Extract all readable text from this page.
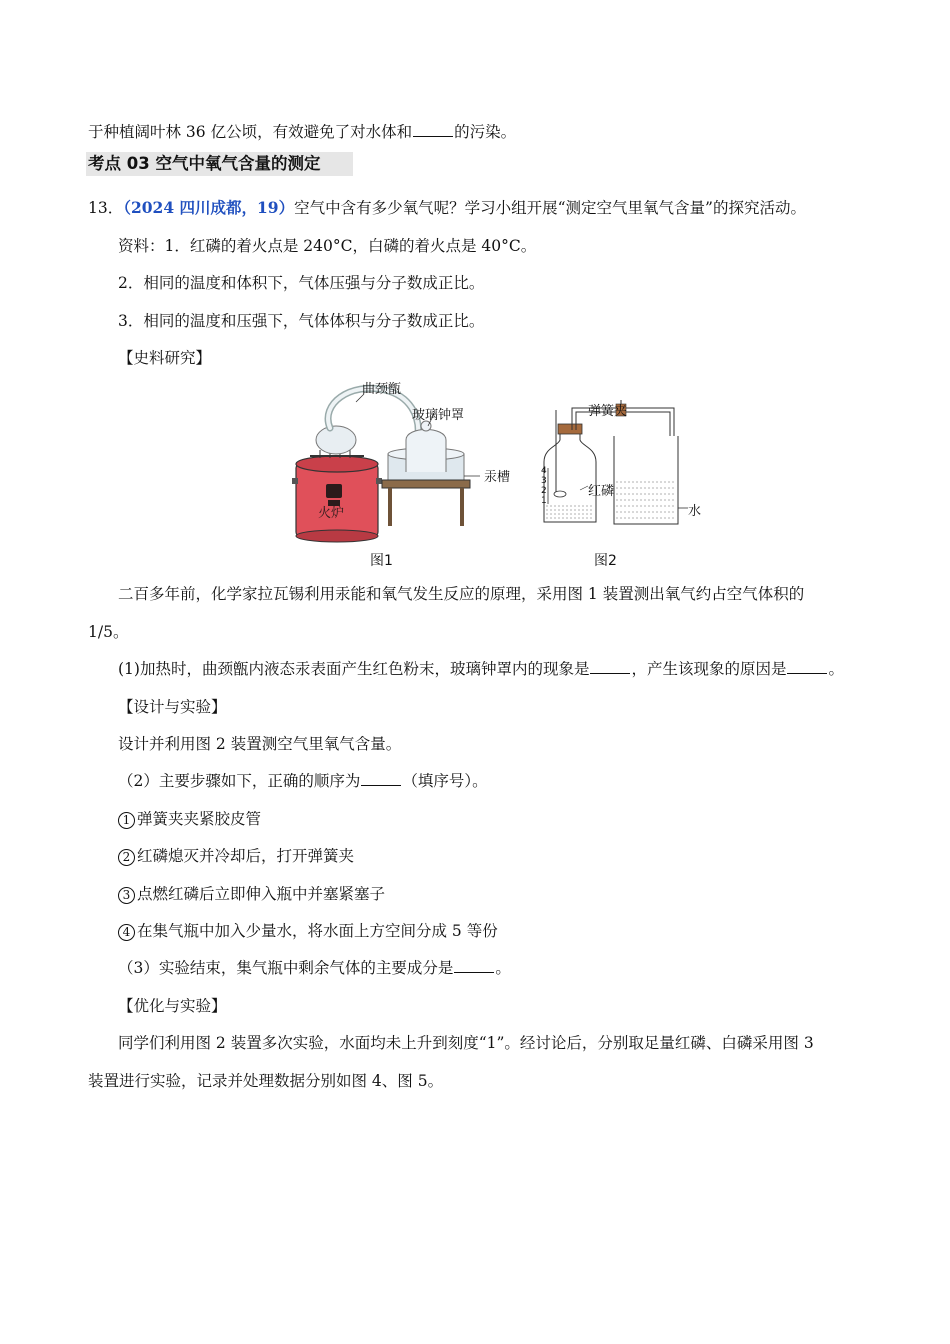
于种植阔叶林 36 亿公顷，有效避免了对水体和	的污染。
考点 03 空气中氧气含量的测定
13．（2024 四川成都，19）空气中含有多少氧气呢？学习小组开展“测定空气里氧气含量”的探究活动。
资料：1．红磷的着火点是 240°C，白磷的着火点是 40°C。
2．相同的温度和体积下，气体压强与分子数成正比。
3．相同的温度和压强下，气体体积与分子数成正比。
【史料研究】
曲颈甑
玻璃钟罩
汞槽
火炉
图1
弹簧夹
红磷
水
4
3
2
1
图2
二百多年前，化学家拉瓦锡利用汞能和氧气发生反应的原理，采用图 1 装置测出氧气约占空气体积的
1/5。
(1)加热时，曲颈甑内液态汞表面产生红色粉末，玻璃钟罩内的现象是	，产生该现象的原因是	。
【设计与实验】
设计并利用图 2 装置测空气里氧气含量。
（2）主要步骤如下，正确的顺序为	（填序号）。
1 弹簧夹夹紧胶皮管
2 红磷熄灭并冷却后，打开弹簧夹
3 点燃红磷后立即伸入瓶中并塞紧塞子
4 在集气瓶中加入少量水，将水面上方空间分成 5 等份
（3）实验结束，集气瓶中剩余气体的主要成分是	。
【优化与实验】
同学们利用图 2 装置多次实验，水面均未上升到刻度“1”。经讨论后，分别取足量红磷、白磷采用图 3
装置进行实验，记录并处理数据分别如图 4、图 5。
